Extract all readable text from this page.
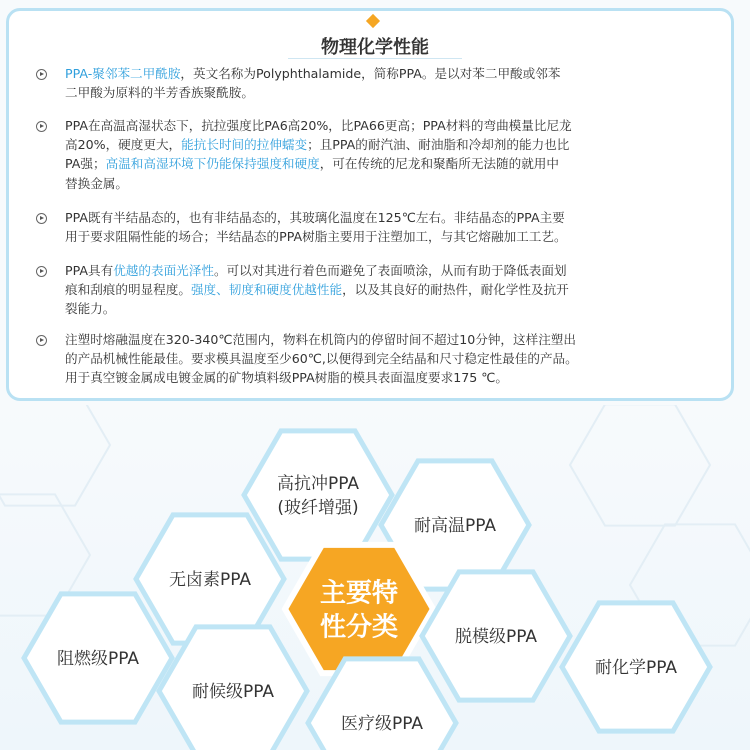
物理化学性能
PPA-聚邻苯二甲酰胺，英文名称为Polyphthalamide，简称PPA。是以对苯二甲酸或邻苯
二甲酸为原料的半芳香族聚酰胺。
PPA在高温高湿状态下，抗拉强度比PA6高20%，比PA66更高；PPA材料的弯曲模量比尼龙
高20%，硬度更大，能抗长时间的拉伸蠕变；且PPA的耐汽油、耐油脂和冷却剂的能力也比
PA强；高温和高湿环境下仍能保持强度和硬度，可在传统的尼龙和聚酯所无法随的就用中
替换金属。
PPA既有半结晶态的，也有非结晶态的，其玻璃化温度在125℃左右。非结晶态的PPA主要
用于要求阻隔性能的场合；半结晶态的PPA树脂主要用于注塑加工，与其它熔融加工工艺。
PPA具有优越的表面光泽性。可以对其进行着色而避免了表面喷涂，从而有助于降低表面划
痕和刮痕的明显程度。强度、韧度和硬度优越性能，以及其良好的耐热件，耐化学性及抗开
裂能力。
注塑时熔融温度在320-340℃范围内，物料在机筒内的停留时间不超过10分钟，这样注塑出
的产品机械性能最佳。要求模具温度至少60℃,以便得到完全结晶和尺寸稳定性最佳的产品。
用于真空镀金属成电镀金属的矿物填料级PPA树脂的模具表面温度要求175 ℃。
高抗冲PPA
(玻纤增强)
耐高温PPA
无卤素PPA	主要特
性分类	脱模级PPA
阻燃级PPA	耐化学PPA
耐候级PPA
医疗级PPA
